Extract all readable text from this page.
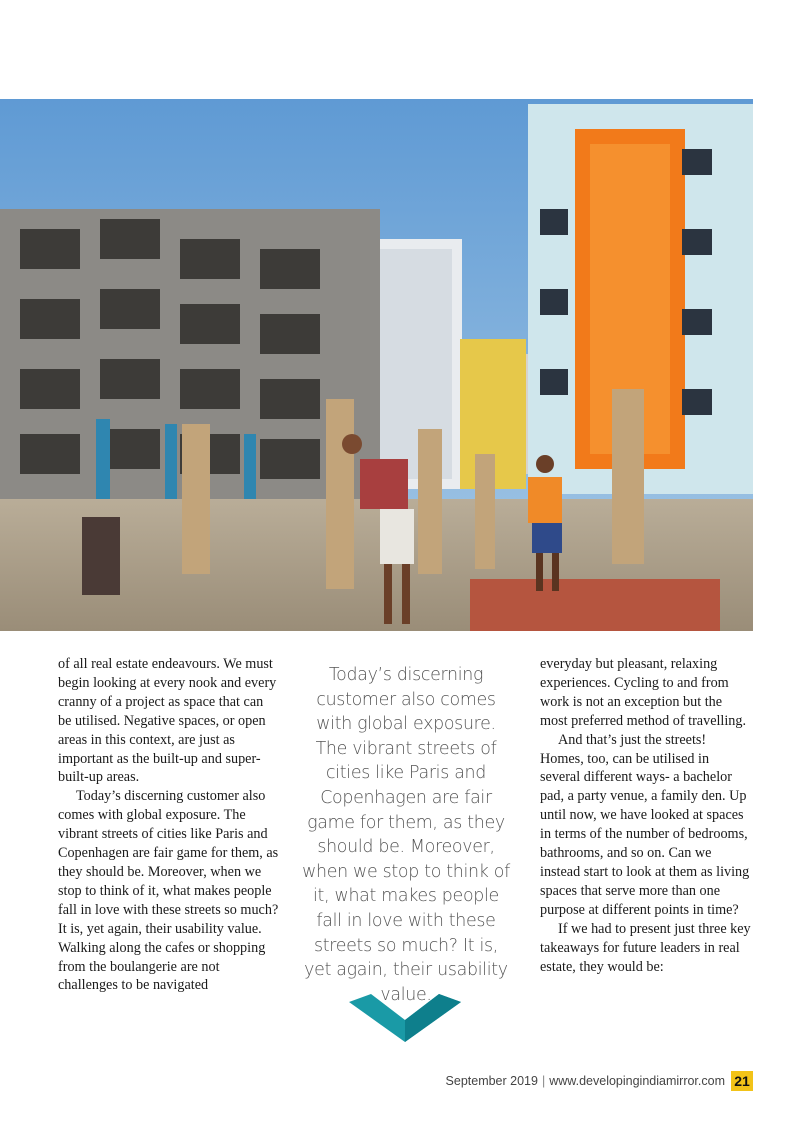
of all real estate endeavours. We must begin looking at every nook and every cranny of a project as space that can be utilised. Negative spaces, or open areas in this context, are just as important as the built-up and super-built-up areas.

Today’s discerning customer also comes with global exposure. The vibrant streets of cities like Paris and Copenhagen are fair game for them, as they should be. Moreover, when we stop to think of it, what makes people fall in love with these streets so much? It is, yet again, their usability value. Walking along the cafes or shopping from the boulangerie are not challenges to be navigated

Today’s discerning customer also comes with global exposure. The vibrant streets of cities like Paris and Copenhagen are fair game for them, as they should be. Moreover, when we stop to think of it, what makes people fall in love with these streets so much? It is, yet again, their usability value.

everyday but pleasant, relaxing experiences. Cycling to and from work is not an exception but the most preferred method of travelling.

And that’s just the streets! Homes, too, can be utilised in several different ways- a bachelor pad, a party venue, a family den. Up until now, we have looked at spaces in terms of the number of bedrooms, bathrooms, and so on. Can we instead start to look at them as living spaces that serve more than one purpose at different points in time?

If we had to present just three key takeaways for future leaders in real estate, they would be:

September 2019 | www.developingindiamirror.com 21
